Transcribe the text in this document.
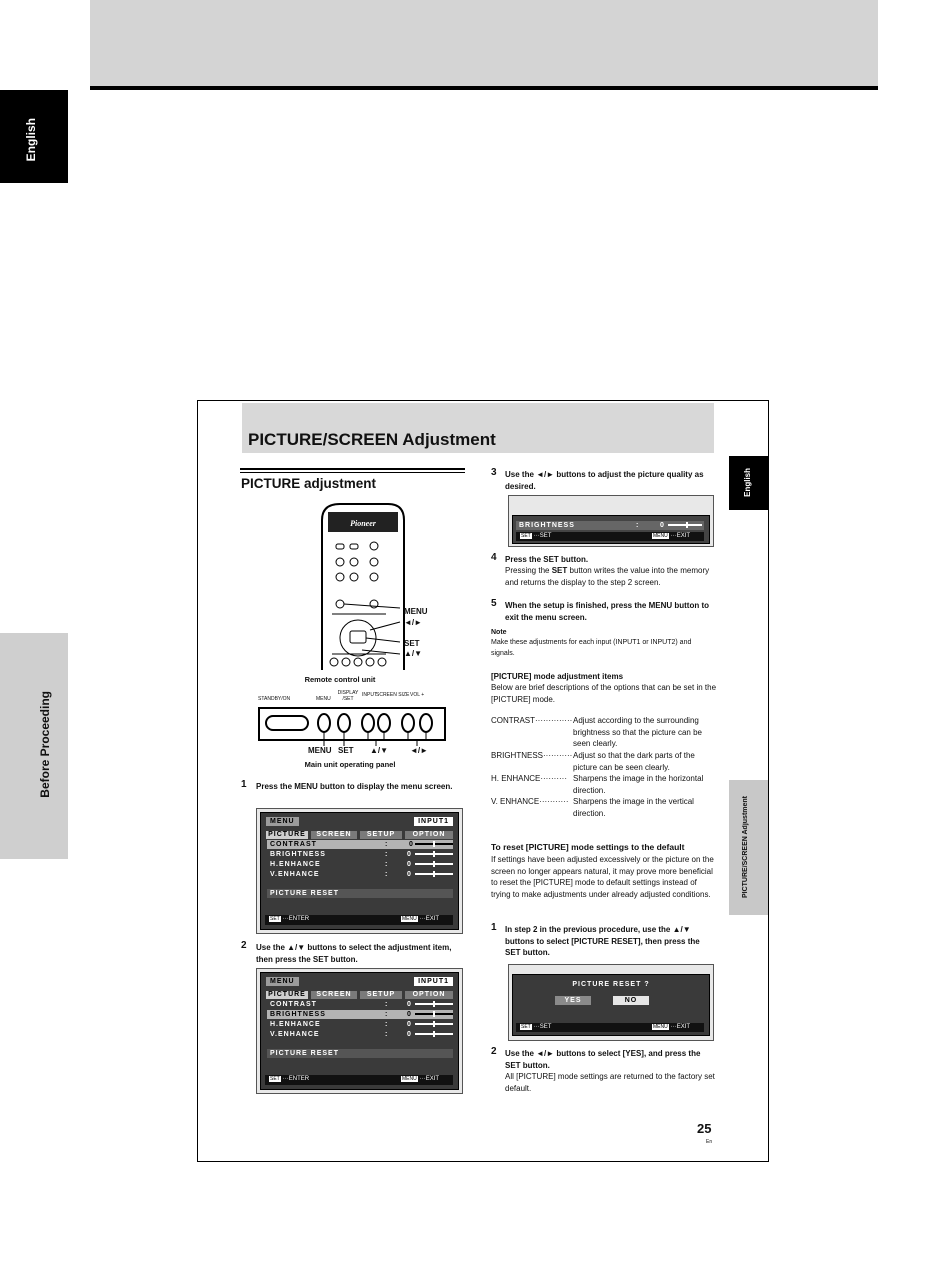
English
Before Proceeding
PICTURE/SCREEN Adjustment
English
PICTURE/SCREEN Adjustment
PICTURE adjustment
Pioneer
MENU
◄/►
SET
▲/▼
Remote control unit
STANDBY/ON	MENU
DISPLAY /SET
INPUT SCREEN SIZE VOL +
MENU SET ▲/▼	◄/►
Main unit operating panel
1 Press the MENU button to display the menu screen.
MENU	INPUT1
PICTURE	SCREEN	SETUP	OPTION
CONTRAST	:	0
BRIGHTNESS	:	0
H.ENHANCE	:	0
V.ENHANCE	:	0
PICTURE RESET
SET ···ENTER	MENU ···EXIT
2 Use the ▲/▼ buttons to select the adjustment item, then press the SET button.
MENU	INPUT1
PICTURE	SCREEN	SETUP	OPTION
CONTRAST	:	0
BRIGHTNESS	:	0
H.ENHANCE	:	0
V.ENHANCE	:	0
PICTURE RESET
SET ···ENTER	MENU ···EXIT
3 Use the ◄/► buttons to adjust the picture quality as desired.
BRIGHTNESS	:	0
SET ···SET	MENU ···EXIT
4 Press the SET button.
Pressing the SET button writes the value into the memory and returns the display to the step 2 screen.
5 When the setup is finished, press the MENU button to exit the menu screen.
Note
Make these adjustments for each input (INPUT1 or INPUT2) and signals.
[PICTURE] mode adjustment items
Below are brief descriptions of the options that can be set in the [PICTURE] mode.
CONTRAST·············· Adjust according to the surrounding brightness so that the picture can be seen clearly.
BRIGHTNESS··········· Adjust so that the dark parts of the picture can be seen clearly.
H. ENHANCE·········· Sharpens the image in the horizontal direction.
V. ENHANCE··········· Sharpens the image in the vertical direction.
To reset [PICTURE] mode settings to the default
If settings have been adjusted excessively or the picture on the screen no longer appears natural, it may prove more beneficial to reset the [PICTURE] mode to default settings instead of trying to make adjustments under already adjusted conditions.
1 In step 2 in the previous procedure, use the ▲/▼ buttons to select [PICTURE RESET], then press the SET button.
PICTURE RESET ?
YES	NO
SET ···SET	MENU ···EXIT
2 Use the ◄/► buttons to select [YES], and press the SET button.
All [PICTURE] mode settings are returned to the factory set default.
25
En
